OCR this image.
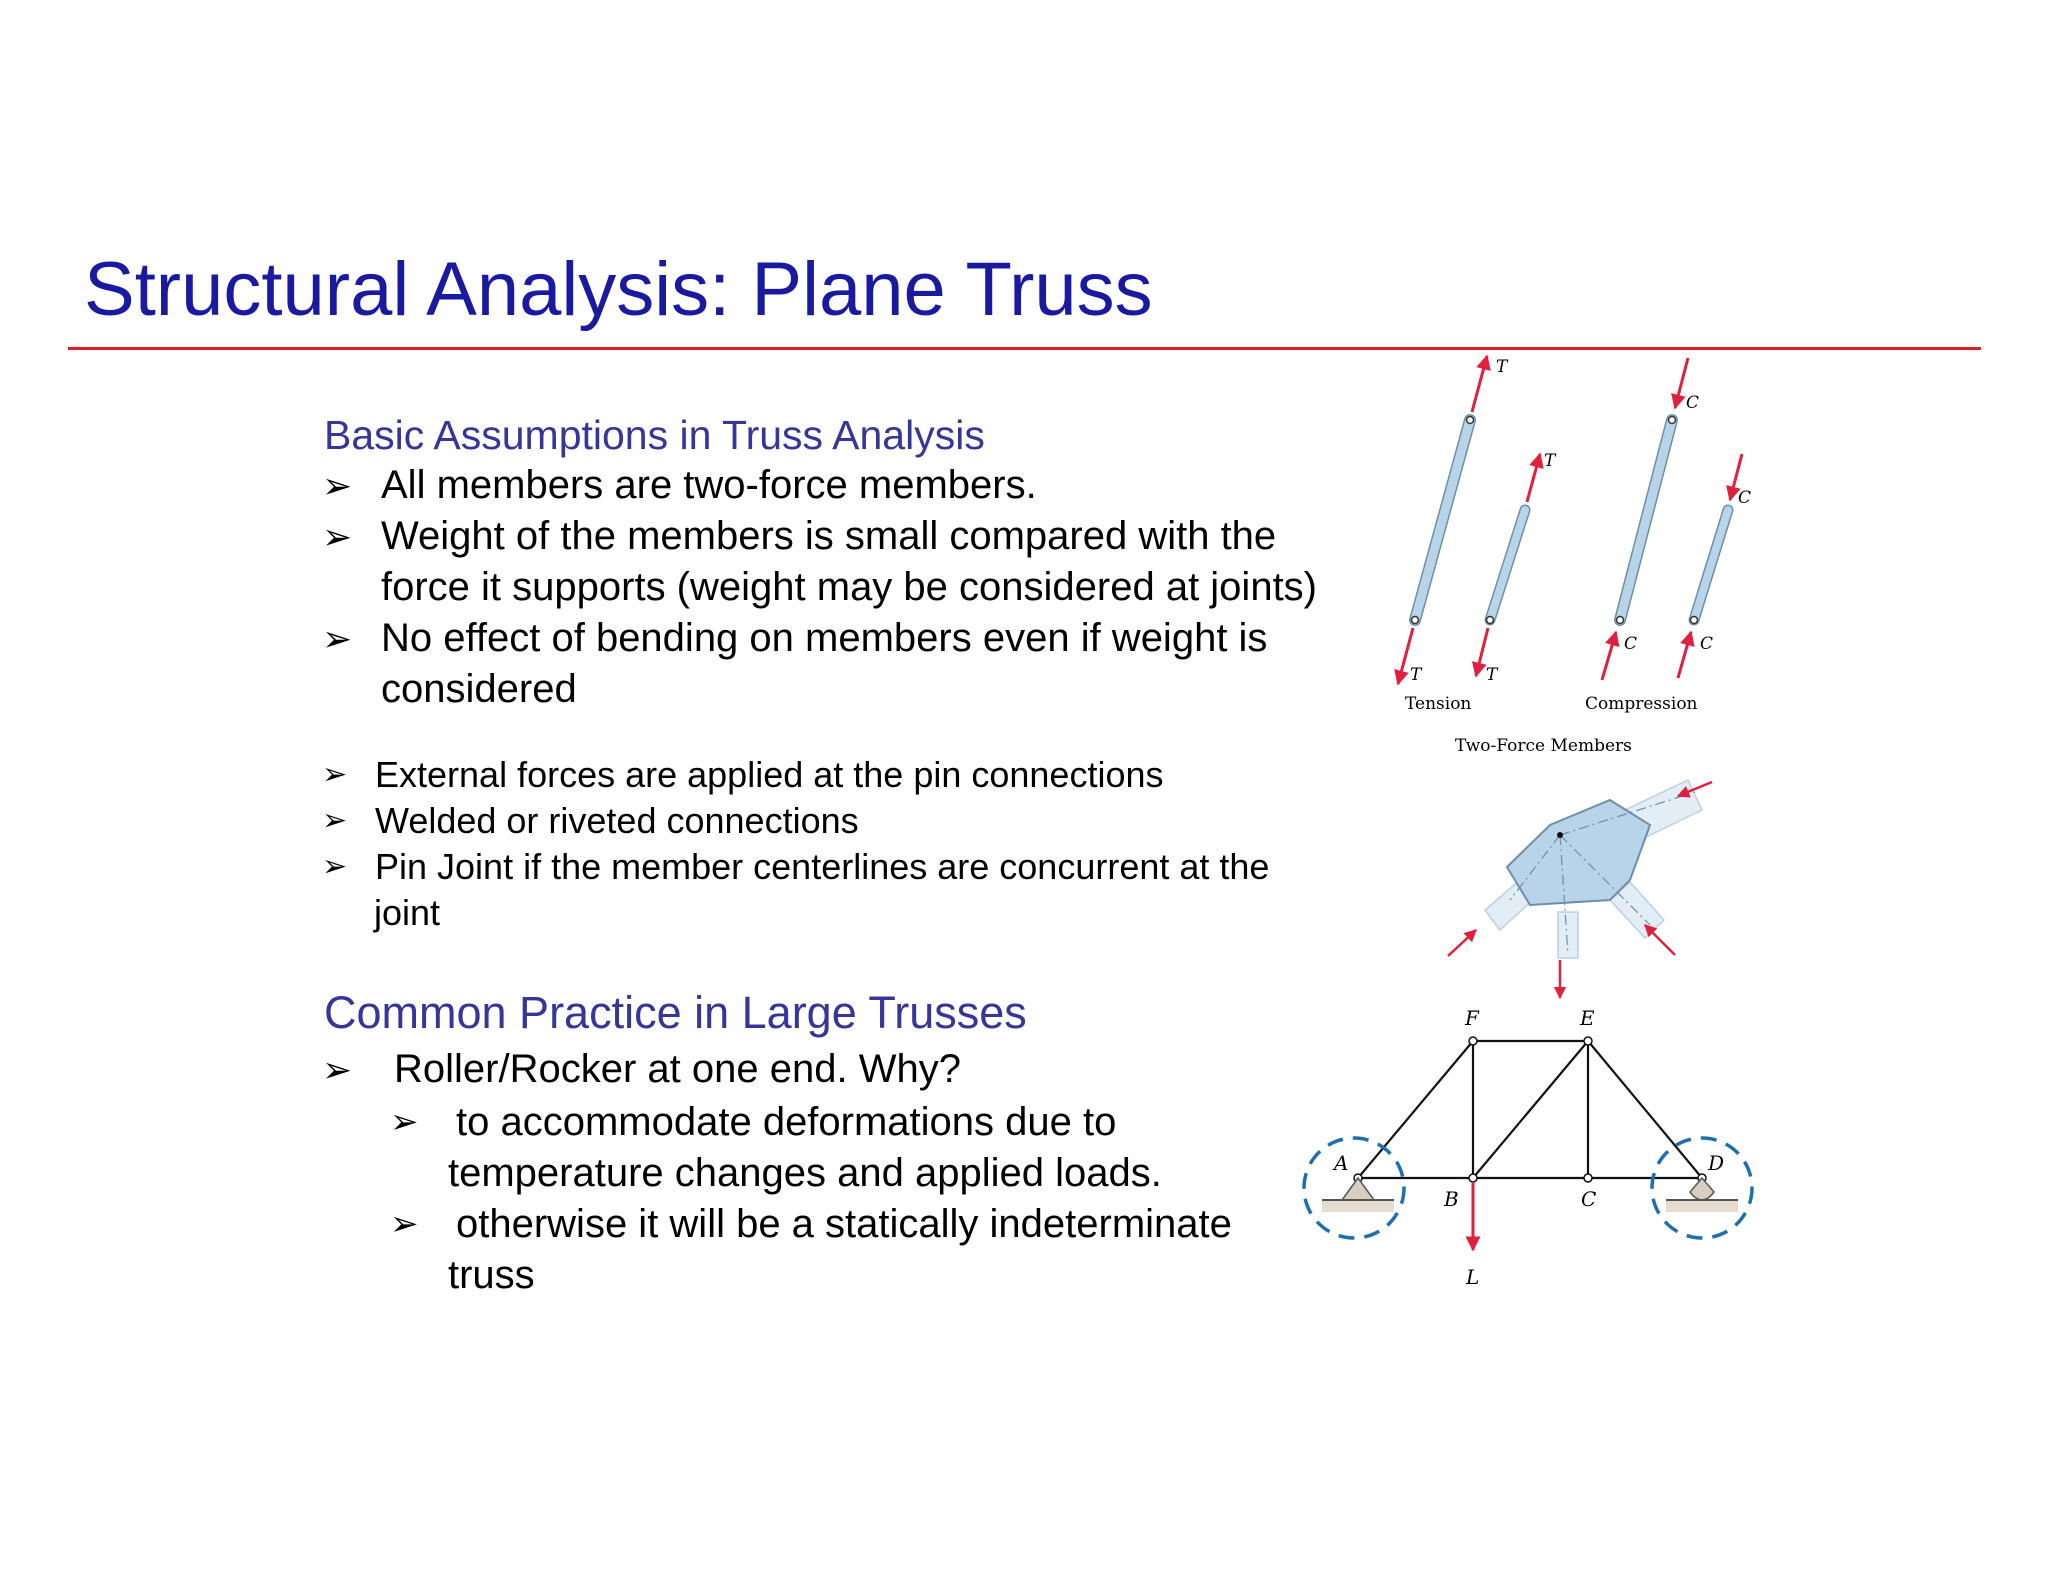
Structural Analysis: Plane Truss
Basic Assumptions in Truss Analysis
➢ All members are two-force members.
➢ Weight of the members is small compared with the
force it supports (weight may be considered at joints)
➢ No effect of bending on members even if weight is
considered
➢ External forces are applied at the pin connections
➢ Welded or riveted connections
➢ Pin Joint if the member centerlines are concurrent at the
joint
Common Practice in Large Trusses
➢ Roller/Rocker at one end. Why?
➢ to accommodate deformations due to
temperature changes and applied loads.
➢ otherwise it will be a statically indeterminate
truss
T
T
T	T
C
C
C	C
Tension	Compression
Two-Force Members
A
B	C
D
E
F
L
